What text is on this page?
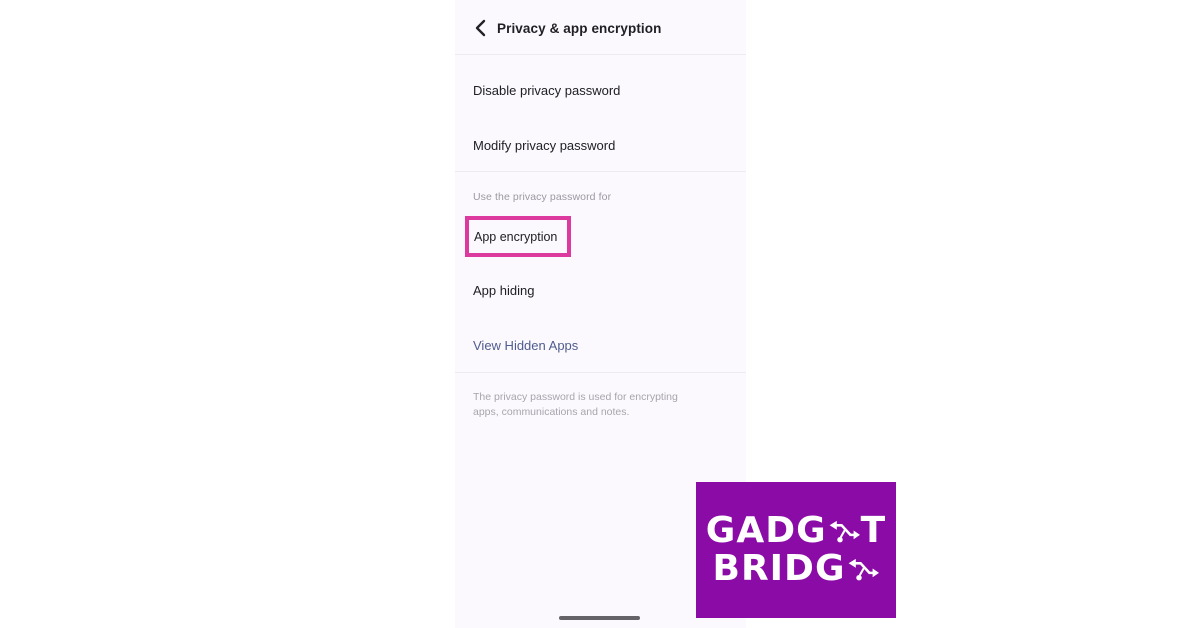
Privacy & app encryption
Disable privacy password
Modify privacy password
Use the privacy password for
App encryption
App hiding
View Hidden Apps
The privacy password is used for encrypting apps, communications and notes.
GADG T
BRIDG
